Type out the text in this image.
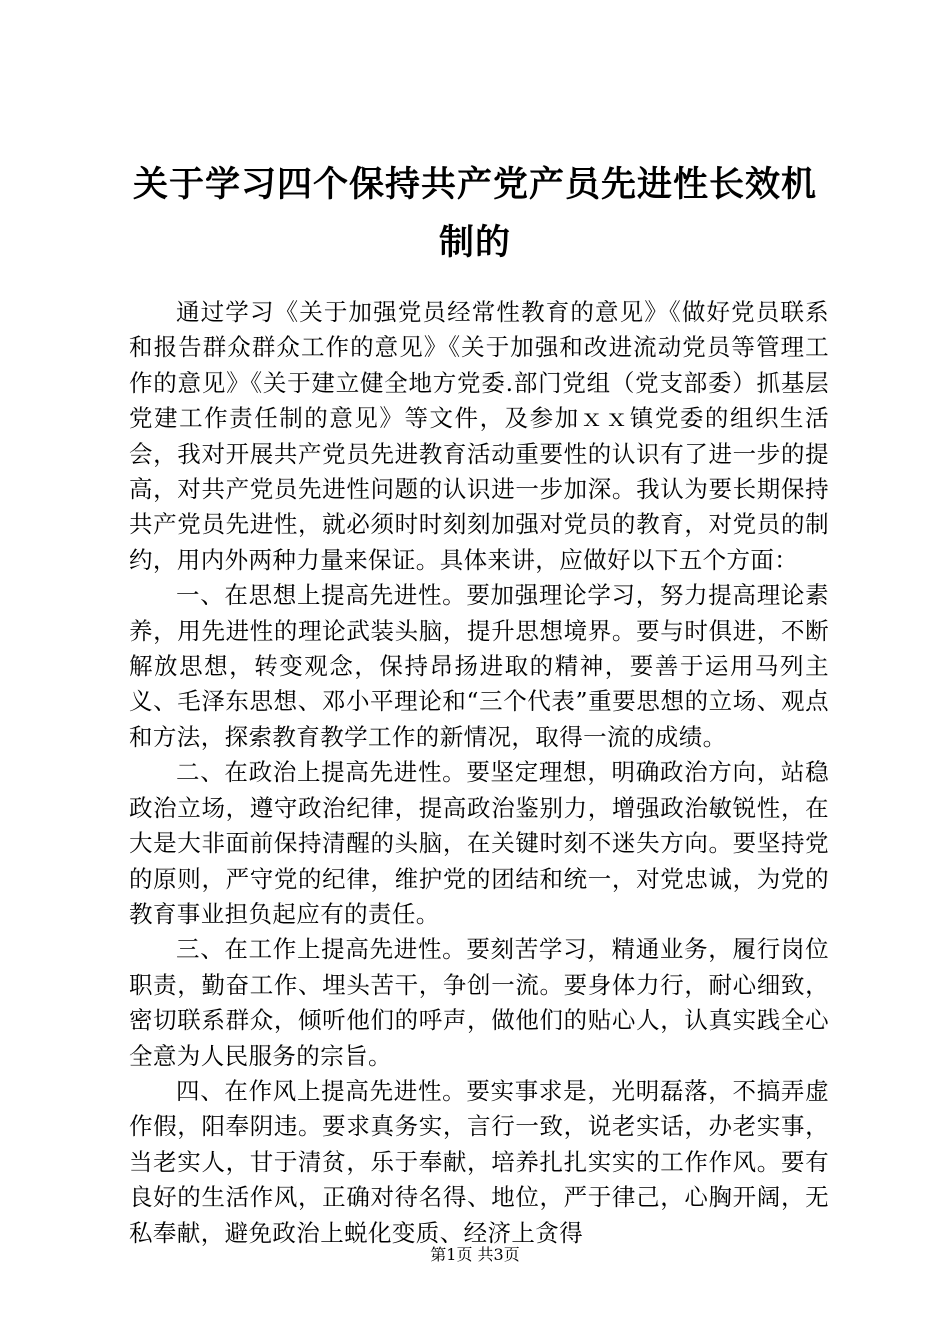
关于学习四个保持共产党产员先进性长效机制的

通过学习《关于加强党员经常性教育的意见》《做好党员联系和报告群众群众工作的意见》《关于加强和改进流动党员等管理工作的意见》《关于建立健全地方党委.部门党组（党支部委）抓基层党建工作责任制的意见》等文件，及参加ｘｘ镇党委的组织生活会，我对开展共产党员先进教育活动重要性的认识有了进一步的提高，对共产党员先进性问题的认识进一步加深。我认为要长期保持共产党员先进性，就必须时时刻刻加强对党员的教育，对党员的制约，用内外两种力量来保证。具体来讲，应做好以下五个方面：

一、在思想上提高先进性。要加强理论学习，努力提高理论素养，用先进性的理论武装头脑，提升思想境界。要与时俱进，不断解放思想，转变观念，保持昂扬进取的精神，要善于运用马列主义、毛泽东思想、邓小平理论和“三个代表”重要思想的立场、观点和方法，探索教育教学工作的新情况，取得一流的成绩。

二、在政治上提高先进性。要坚定理想，明确政治方向，站稳政治立场，遵守政治纪律，提高政治鉴别力，增强政治敏锐性，在大是大非面前保持清醒的头脑，在关键时刻不迷失方向。要坚持党的原则，严守党的纪律，维护党的团结和统一，对党忠诚，为党的教育事业担负起应有的责任。

三、在工作上提高先进性。要刻苦学习，精通业务，履行岗位职责，勤奋工作、埋头苦干，争创一流。要身体力行，耐心细致，密切联系群众，倾听他们的呼声，做他们的贴心人，认真实践全心全意为人民服务的宗旨。

四、在作风上提高先进性。要实事求是，光明磊落，不搞弄虚作假，阳奉阴违。要求真务实，言行一致，说老实话，办老实事，当老实人，甘于清贫，乐于奉献，培养扎扎实实的工作作风。要有良好的生活作风，正确对待名得、地位，严于律己，心胸开阔，无私奉献，避免政治上蜕化变质、经济上贪得

第1页 共3页
